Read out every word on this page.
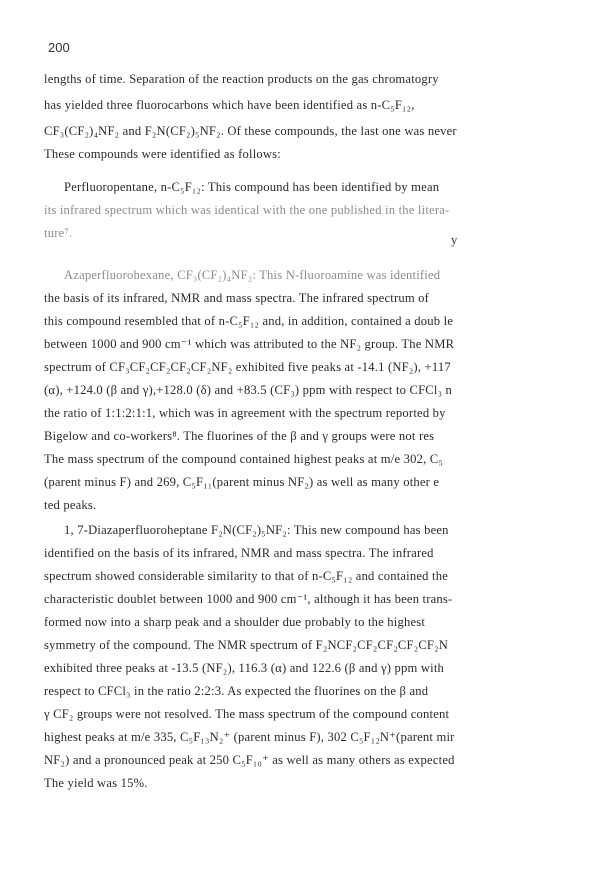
200
lengths of time. Separation of the reaction products on the gas chromatogry
has yielded three fluorocarbons which have been identified as n-C₅F₁₂,
CF₃(CF₂)₄NF₂ and F₂N(CF₂)₅NF₂. Of these compounds, the last one was never
These compounds were identified as follows:
Perfluoropentane, n-C₅F₁₂: This compound has been identified by mean
its infrared spectrum which was identical with the one published in the litera-
ture⁷.	y
Azaperfluorohexane, CF₃(CF₂)₄NF₂: This N-fluoroamine was identified
the basis of its infrared, NMR and mass spectra. The infrared spectrum of
this compound resembled that of n-C₅F₁₂ and, in addition, contained a doub le
between 1000 and 900 cm⁻¹ which was attributed to the NF₂ group. The NMR
spectrum of CF₃CF₂CF₂CF₂CF₂NF₂ exhibited five peaks at -14.1 (NF₂), +117
(α), +124.0 (β and γ),+128.0 (δ) and +83.5 (CF₃) ppm with respect to CFCl₃ n
the ratio of 1:1:2:1:1, which was in agreement with the spectrum reported by
Bigelow and co-workers⁸. The fluorines of the β and γ groups were not res
The mass spectrum of the compound contained highest peaks at m/e 302, C₅
(parent minus F) and 269, C₅F₁₁(parent minus NF₂) as well as many other e
ted peaks.
1, 7-Diazaperfluoroheptane F₂N(CF₂)₅NF₂: This new compound has been
identified on the basis of its infrared, NMR and mass spectra. The infrared
spectrum showed considerable similarity to that of n-C₅F₁₂ and contained the
characteristic doublet between 1000 and 900 cm⁻¹, although it has been trans-
formed now into a sharp peak and a shoulder due probably to the highest
symmetry of the compound. The NMR spectrum of F₂NCF₂CF₂CF₂CF₂CF₂N
exhibited three peaks at -13.5 (NF₂), 116.3 (α) and 122.6 (β and γ) ppm with
respect to CFCl₃ in the ratio 2:2:3. As expected the fluorines on the β and
γ CF₂ groups were not resolved. The mass spectrum of the compound content
highest peaks at m/e 335, C₅F₁₃N₂⁺ (parent minus F), 302 C₅F₁₂N⁺(parent mir
NF₂) and a pronounced peak at 250 C₅F₁₀⁺ as well as many others as expected
The yield was 15%.
